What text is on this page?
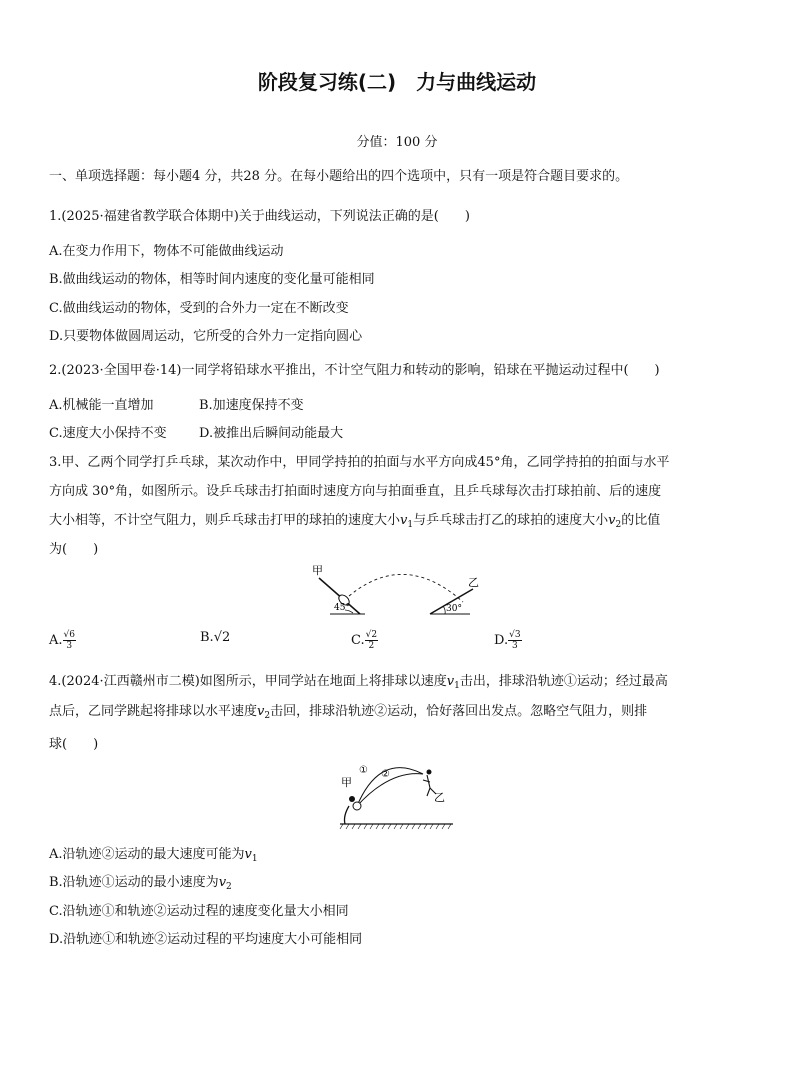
阶段复习练(二)　力与曲线运动
分值：100 分
一、单项选择题：每小题4 分，共28 分。在每小题给出的四个选项中，只有一项是符合题目要求的。
1.(2025·福建省教学联合体期中)关于曲线运动，下列说法正确的是(　　)
A.在变力作用下，物体不可能做曲线运动
B.做曲线运动的物体，相等时间内速度的变化量可能相同
C.做曲线运动的物体，受到的合外力一定在不断改变
D.只要物体做圆周运动，它所受的合外力一定指向圆心
2.(2023·全国甲卷·14)一同学将铅球水平推出，不计空气阻力和转动的影响，铅球在平抛运动过程中(　　)
A.机械能一直增加	B.加速度保持不变
C.速度大小保持不变 D.被推出后瞬间动能最大
3.甲、乙两个同学打乒乓球，某次动作中，甲同学持拍的拍面与水平方向成45°角，乙同学持拍的拍面与水平
方向成 30°角，如图所示。设乒乓球击打拍面时速度方向与拍面垂直，且乒乓球每次击打球拍前、后的速度
大小相等，不计空气阻力，则乒乓球击打甲的球拍的速度大小$v_1$与乒乓球击打乙的球拍的速度大小$v_2$的比值
为(　　)
甲
45°
乙
30°
A. $\frac{√6}{3}$	B.√2	C. $\frac{√2}{2}$	D. $\frac{√3}{3}$
4.(2024·江西赣州市二模)如图所示，甲同学站在地面上将排球以速度$v_1$击出，排球沿轨迹①运动；经过最高
点后，乙同学跳起将排球以水平速度$v_2$击回，排球沿轨迹②运动，恰好落回出发点。忽略空气阻力，则排
球(　　)
甲
① ②
乙
A.沿轨迹②运动的最大速度可能为$v_1$
B.沿轨迹①运动的最小速度为$v_2$
C.沿轨迹①和轨迹②运动过程的速度变化量大小相同
D.沿轨迹①和轨迹②运动过程的平均速度大小可能相同
